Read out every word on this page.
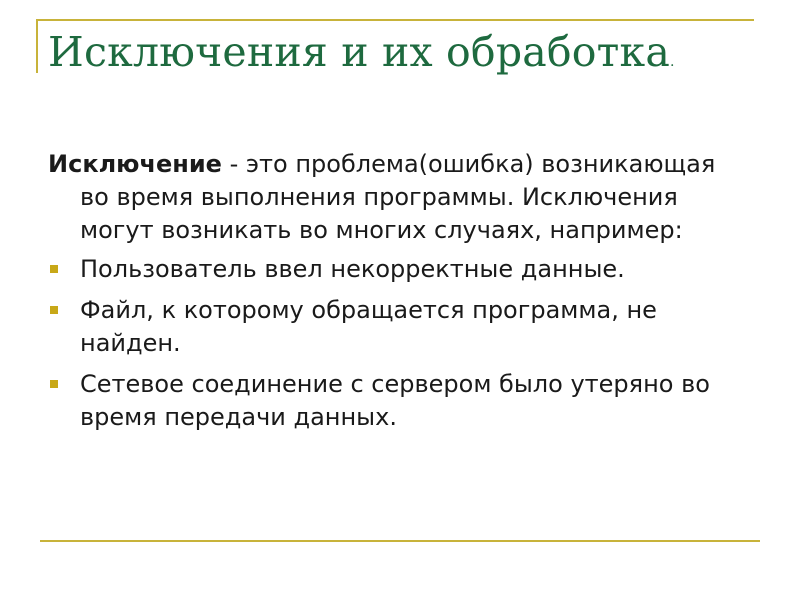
Исключения и их обработка.

Исключение - это проблема(ошибка) возникающая во время выполнения программы. Исключения могут возникать во многих случаях, например:

Пользователь ввел некорректные данные.
Файл, к которому обращается программа, не найден.
Сетевое соединение с сервером было утеряно во время передачи данных.
